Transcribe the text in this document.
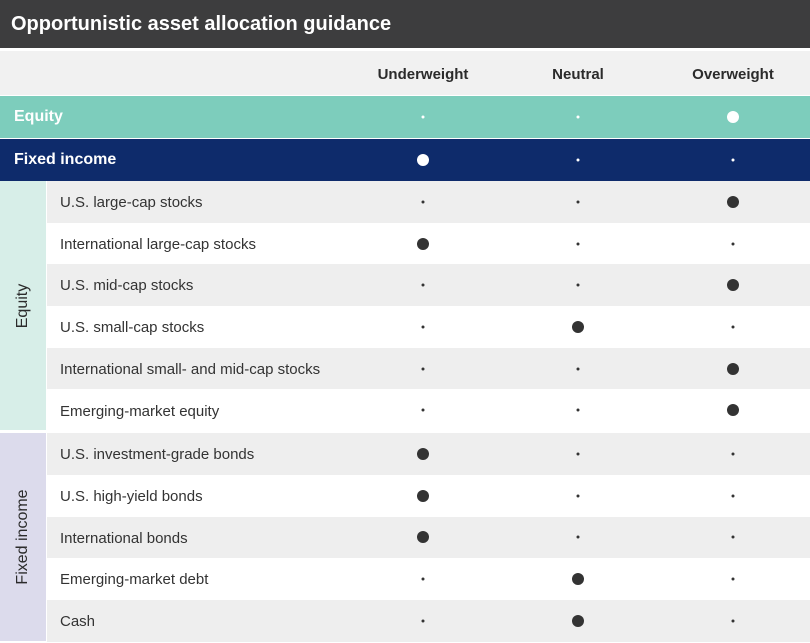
Opportunistic asset allocation guidance
Underweight	Neutral	Overweight
Equity
Fixed income
Equity
U.S. large-cap stocks
International large-cap stocks
U.S. mid-cap stocks
U.S. small-cap stocks
International small- and mid-cap stocks
Emerging-market equity
Fixed income
U.S. investment-grade bonds
U.S. high-yield bonds
International bonds
Emerging-market debt
Cash
